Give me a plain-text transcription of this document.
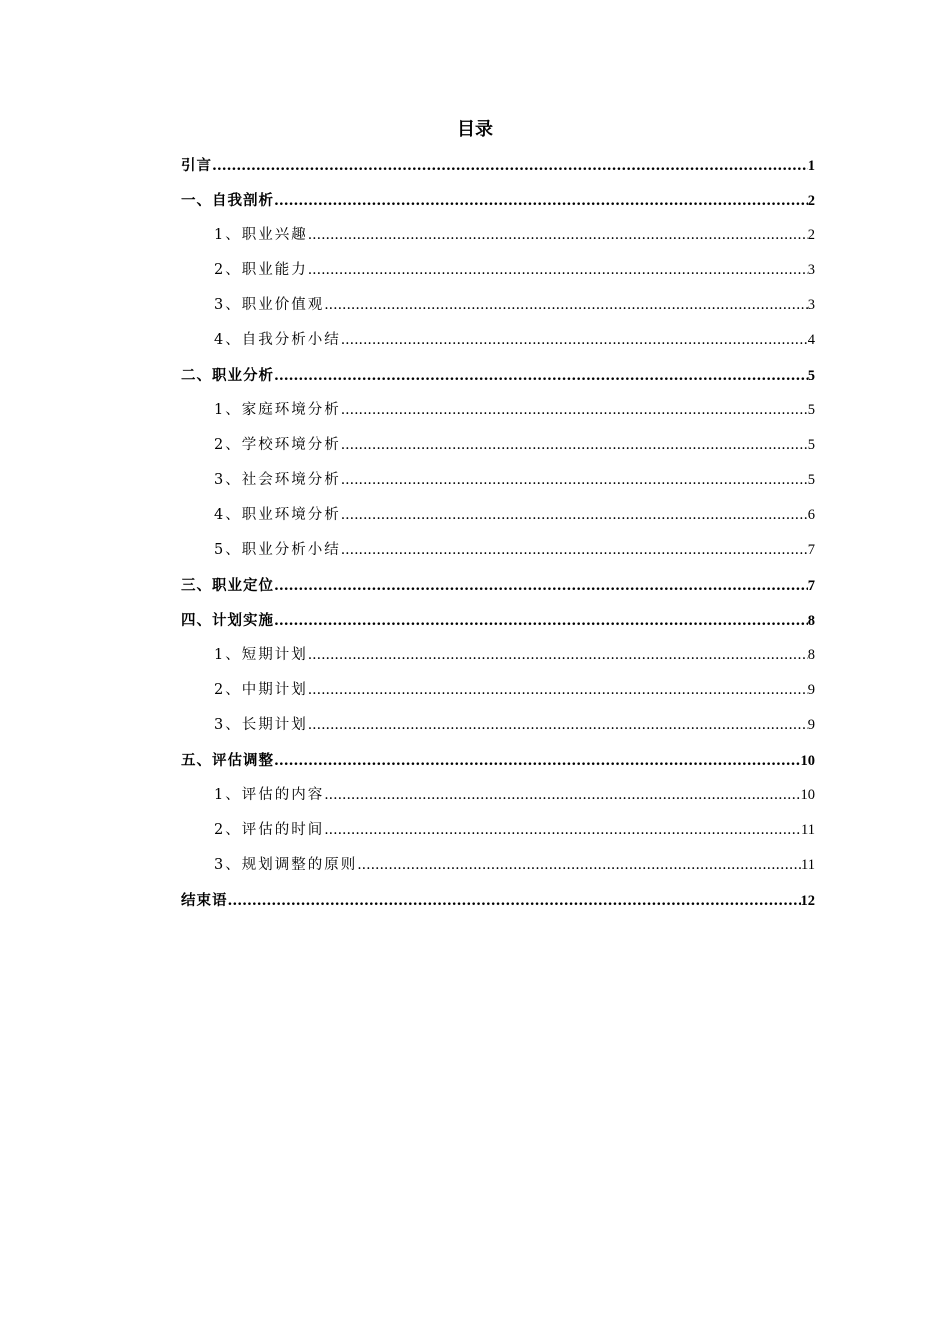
目录
引言 .....	1
一、自我剖析 .....	2
1、职业兴趣 .....	2
2、职业能力 .....	3
3、职业价值观 .....	3
4、自我分析小结 .....	4
二、职业分析 .....	5
1、家庭环境分析 .....	5
2、学校环境分析 .....	5
3、社会环境分析 .....	5
4、职业环境分析 .....	6
5、职业分析小结 .....	7
三、职业定位 .....	7
四、计划实施 .....	8
1、短期计划 .....	8
2、中期计划 .....	9
3、长期计划 .....	9
五、评估调整 .....	10
1、评估的内容 .....	10
2、评估的时间 .....	11
3、规划调整的原则 .....	11
结束语 .....	12
